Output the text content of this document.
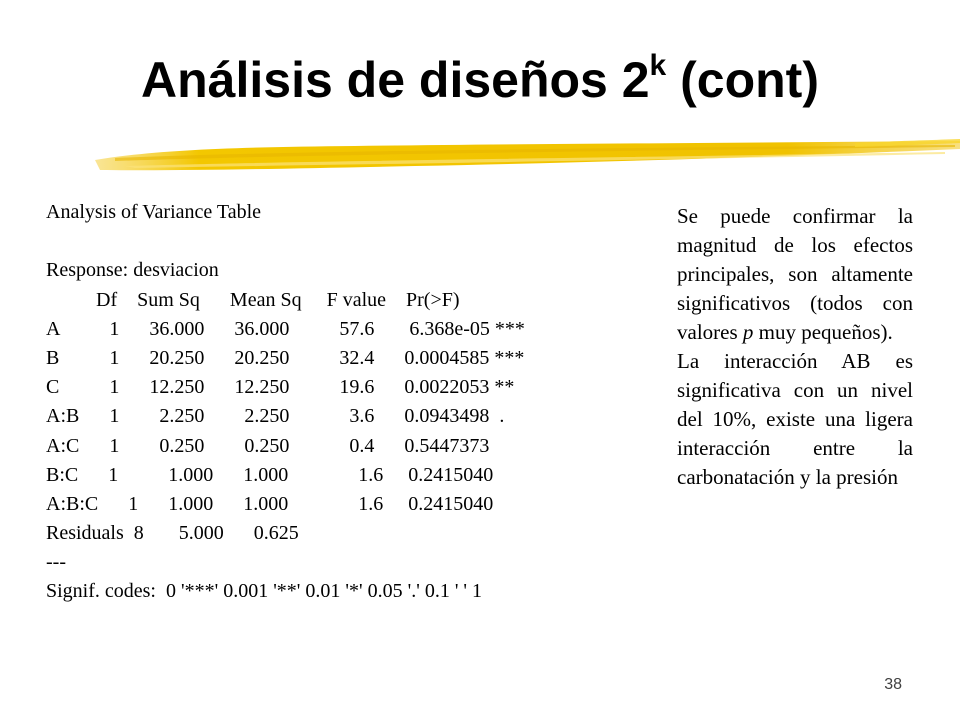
Análisis de diseños 2$^k$ (cont)
Analysis of Variance Table
Response: desviacion
Df    Sum Sq      Mean Sq     F value    Pr(>F)
A          1      36.000      36.000          57.6       6.368e-05 ***
B          1      20.250      20.250          32.4      0.0004585 ***
C          1      12.250      12.250          19.6      0.0022053 **
A:B      1        2.250        2.250            3.6      0.0943498  .
A:C      1        0.250        0.250            0.4      0.5447373
B:C      1          1.000      1.000              1.6     0.2415040
A:B:C      1      1.000      1.000              1.6     0.2415040
Residuals  8       5.000      0.625
---
Signif. codes:  0 '***' 0.001 '**' 0.01 '*' 0.05 '.' 0.1 ' ' 1

Se puede confirmar la magnitud de los efectos principales, son altamente significativos (todos con valores p muy pequeños).

La interacción AB es significativa con un nivel del 10%, existe una ligera interacción entre la carbonatación y la presión

38
